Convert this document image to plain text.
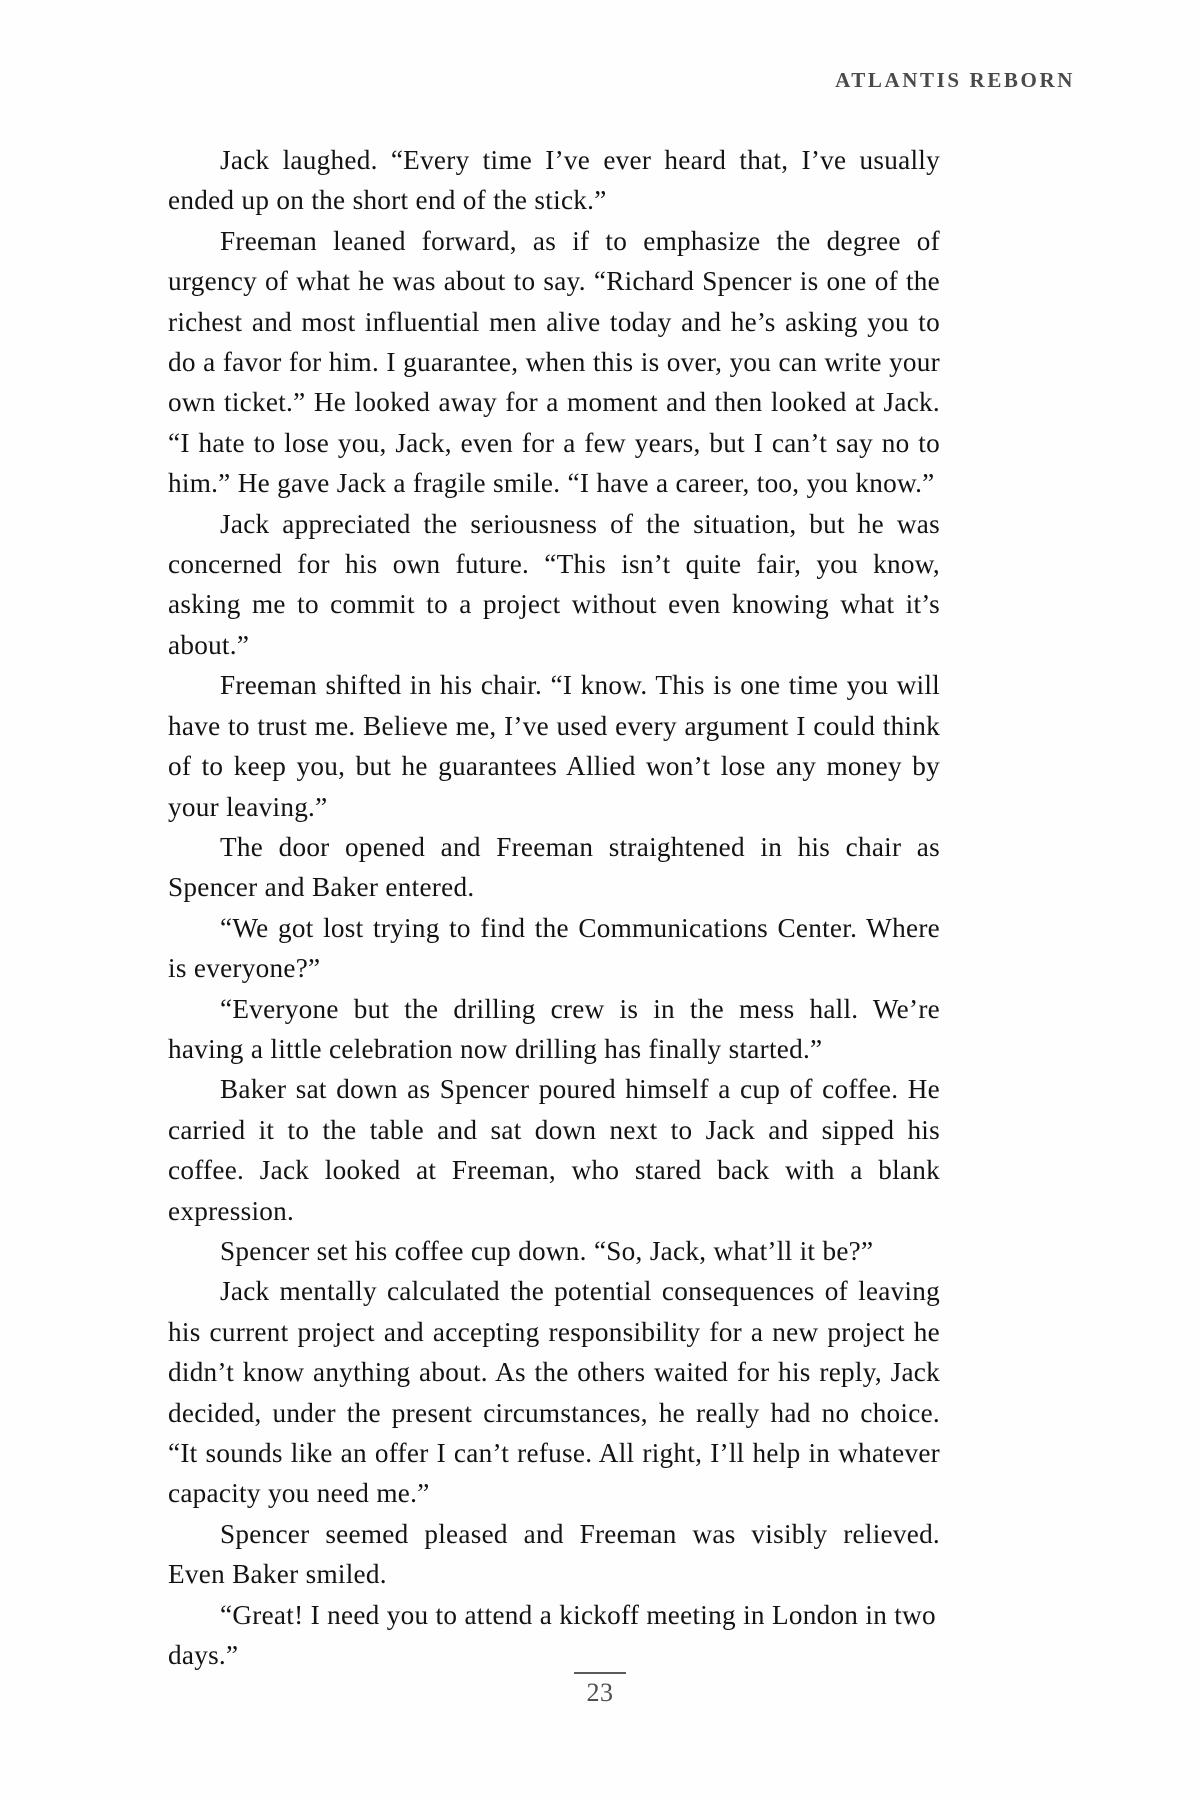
ATLANTIS REBORN

Jack laughed. “Every time I’ve ever heard that, I’ve usually ended up on the short end of the stick.”

Freeman leaned forward, as if to emphasize the degree of urgency of what he was about to say. “Richard Spencer is one of the richest and most influential men alive today and he’s asking you to do a favor for him. I guarantee, when this is over, you can write your own ticket.” He looked away for a moment and then looked at Jack. “I hate to lose you, Jack, even for a few years, but I can’t say no to him.” He gave Jack a fragile smile. “I have a career, too, you know.”

Jack appreciated the seriousness of the situation, but he was concerned for his own future. “This isn’t quite fair, you know, asking me to commit to a project without even knowing what it’s about.”

Freeman shifted in his chair. “I know. This is one time you will have to trust me. Believe me, I’ve used every argument I could think of to keep you, but he guarantees Allied won’t lose any money by your leaving.”

The door opened and Freeman straightened in his chair as Spencer and Baker entered.

“We got lost trying to find the Communications Center. Where is everyone?”

“Everyone but the drilling crew is in the mess hall. We’re having a little celebration now drilling has finally started.”

Baker sat down as Spencer poured himself a cup of coffee. He carried it to the table and sat down next to Jack and sipped his coffee. Jack looked at Freeman, who stared back with a blank expression.

Spencer set his coffee cup down. “So, Jack, what’ll it be?”

Jack mentally calculated the potential consequences of leaving his current project and accepting responsibility for a new project he didn’t know anything about. As the others waited for his reply, Jack decided, under the present circumstances, he really had no choice. “It sounds like an offer I can’t refuse. All right, I’ll help in whatever capacity you need me.”

Spencer seemed pleased and Freeman was visibly relieved. Even Baker smiled.

“Great! I need you to attend a kickoff meeting in London in two days.”

23
